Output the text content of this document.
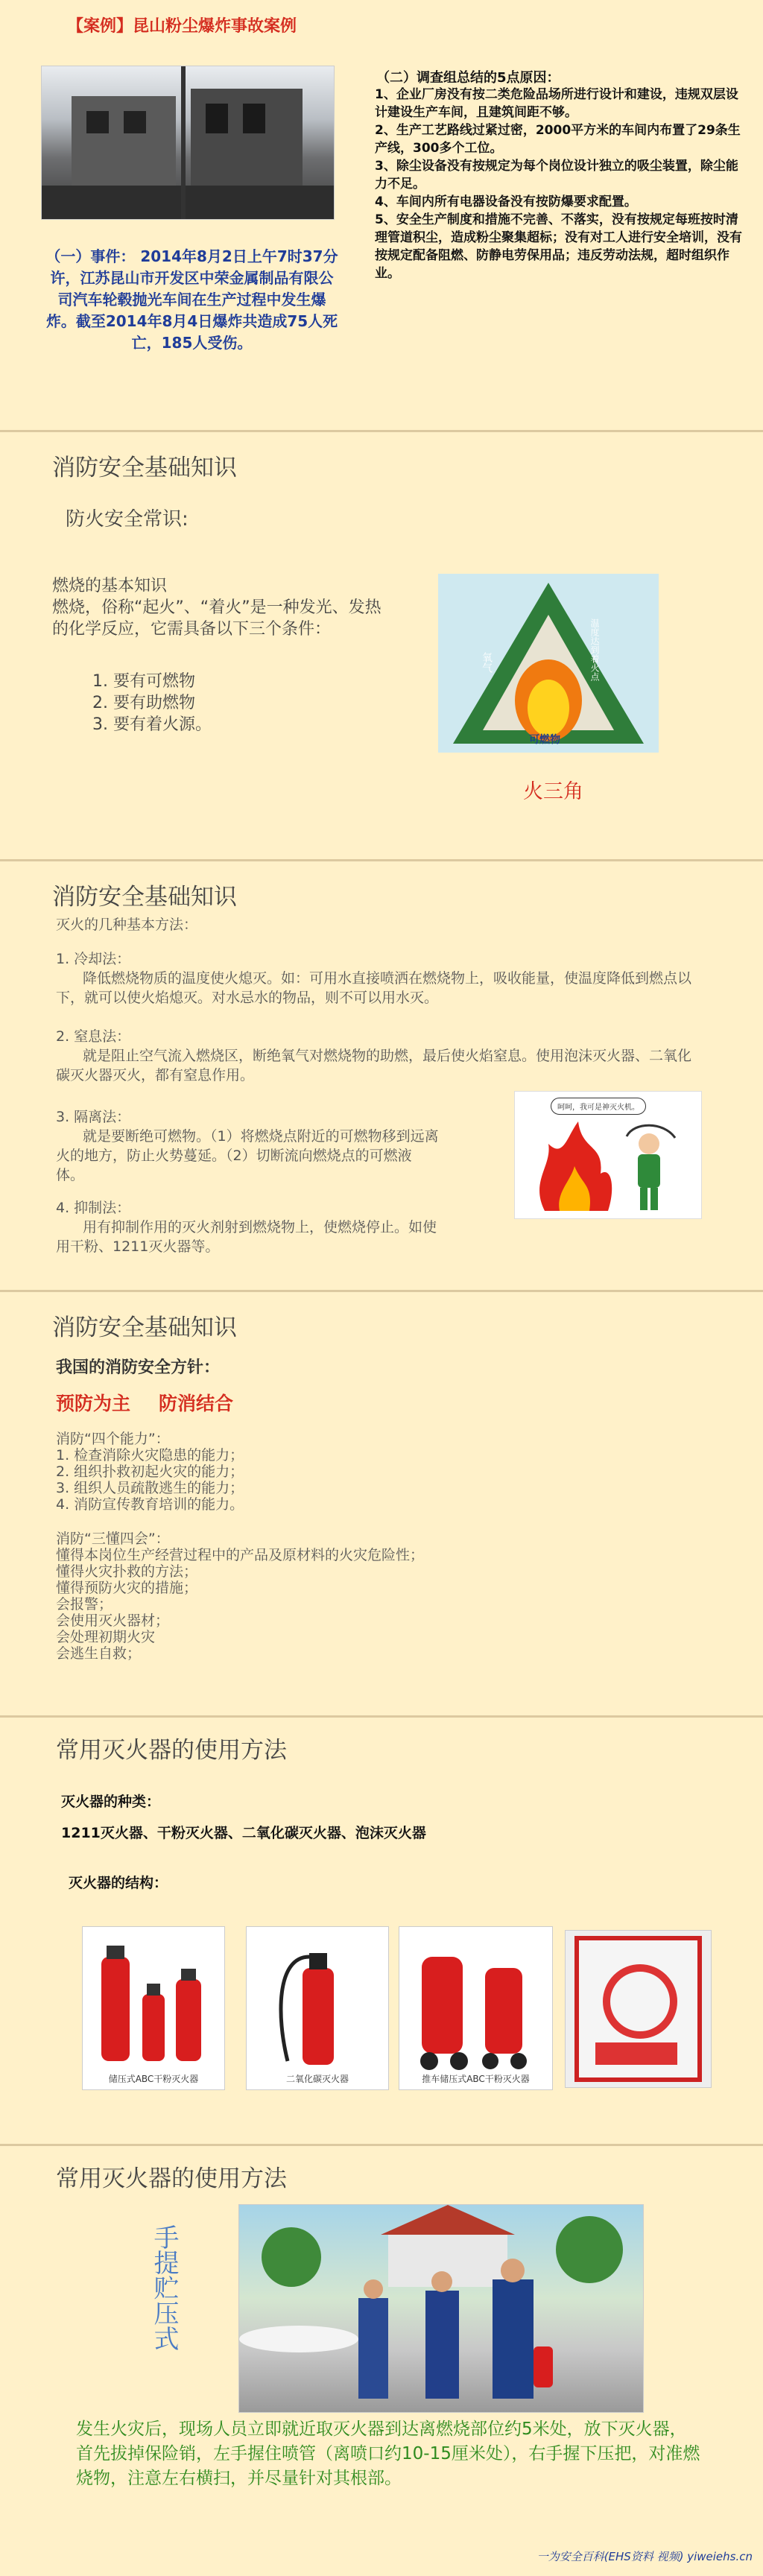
【案例】昆山粉尘爆炸事故案例
（一）事件： 2014年8月2日上午7时37分许，江苏昆山市开发区中荣金属制品有限公司汽车轮毂抛光车间在生产过程中发生爆炸。截至2014年8月4日爆炸共造成75人死亡，185人受伤。
（二）调查组总结的5点原因：
1、企业厂房没有按二类危险品场所进行设计和建设，违规双层设计建设生产车间，且建筑间距不够。
2、生产工艺路线过紧过密，2000平方米的车间内布置了29条生产线，300多个工位。
3、除尘设备没有按规定为每个岗位设计独立的吸尘装置，除尘能力不足。
4、车间内所有电器设备没有按防爆要求配置。
5、安全生产制度和措施不完善、不落实，没有按规定每班按时清理管道积尘，造成粉尘聚集超标；没有对工人进行安全培训，没有按规定配备阻燃、防静电劳保用品；违反劳动法规，超时组织作业。
消防安全基础知识
防火安全常识:
燃烧的基本知识
燃烧，俗称“起火”、“着火”是一种发光、发热的化学反应，它需具备以下三个条件：
1. 要有可燃物
2. 要有助燃物
3. 要有着火源。
氧气	温度达到着火点
可燃物
火三角
消防安全基础知识
灭火的几种基本方法：
1. 冷却法：
降低燃烧物质的温度使火熄灭。如：可用水直接喷洒在燃烧物上，吸收能量，使温度降低到燃点以下，就可以使火焰熄灭。对水忌水的物品，则不可以用水灭。
2. 窒息法：
就是阻止空气流入燃烧区，断绝氧气对燃烧物的助燃，最后使火焰窒息。使用泡沫灭火器、二氧化碳灭火器灭火，都有窒息作用。
3. 隔离法：
就是要断绝可燃物。（1）将燃烧点附近的可燃物移到远离火的地方，防止火势蔓延。（2）切断流向燃烧点的可燃液体。
4. 抑制法：
用有抑制作用的灭火剂射到燃烧物上，使燃烧停止。如使用干粉、1211灭火器等。
呵呵，我可是神灭火机。
消防安全基础知识
我国的消防安全方针：
预防为主 防消结合
消防“四个能力”：
1. 检查消除火灾隐患的能力；
2. 组织扑救初起火灾的能力；
3. 组织人员疏散逃生的能力；
4. 消防宣传教育培训的能力。
消防“三懂四会”：
懂得本岗位生产经营过程中的产品及原材料的火灾危险性；
懂得火灾扑救的方法；
懂得预防火灾的措施；
会报警；
会使用灭火器材；
会处理初期火灾
会逃生自救；
常用灭火器的使用方法
灭火器的种类：
1211灭火器、干粉灭火器、二氧化碳灭火器、泡沫灭火器
灭火器的结构：
储压式ABC干粉灭火器	二氧化碳灭火器	推车储压式ABC干粉灭火器
常用灭火器的使用方法
手提贮压式
发生火灾后，现场人员立即就近取灭火器到达离燃烧部位约5米处，放下灭火器，首先拔掉保险销，左手握住喷管（离喷口约10-15厘米处），右手握下压把，对准燃烧物，注意左右横扫，并尽量针对其根部。
一为安全百科(EHS资料 视频) yiweiehs.cn
